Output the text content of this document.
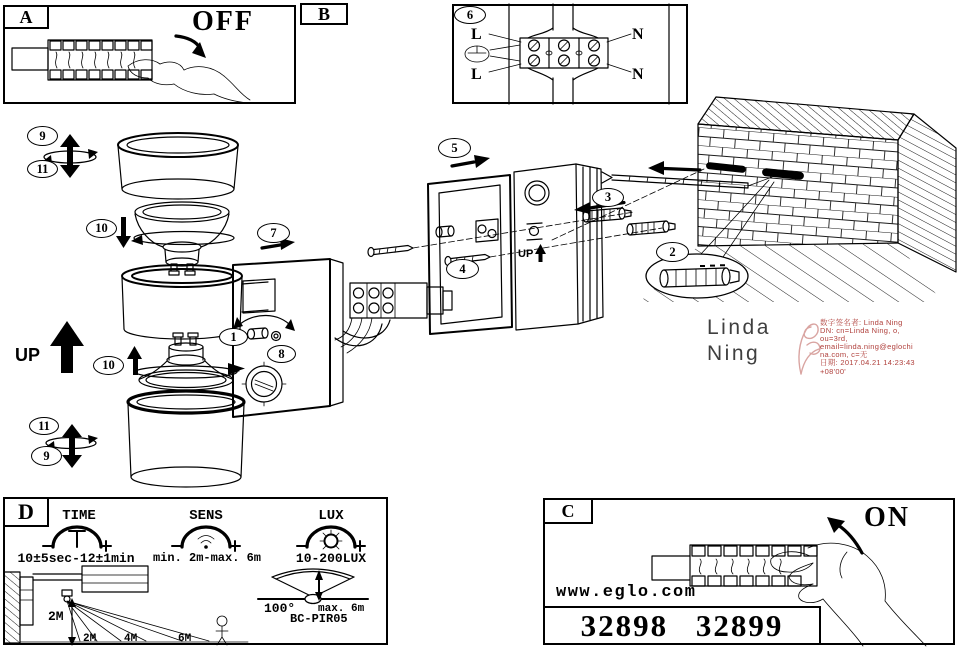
A	B
C
D
OFF
ON
L
L
N
N
UP
UP
Linda
Ning
数字签名者: Linda Ning
DN: cn=Linda Ning, o,
ou=3rd,
email=linda.ning@eglochi
na.com, c=无
日期: 2017.04.21 14:23:43
+08'00'
TIME	SENS	LUX
10±5sec-12±1min	min. 2m-max. 6m	10-200LUX
2M
2M	4M	6M
100° max. 6m
BC-PIR05
www.eglo.com
32898 32899
1
2
3
4
5
6
7
8
9
11
10
10
11
9
